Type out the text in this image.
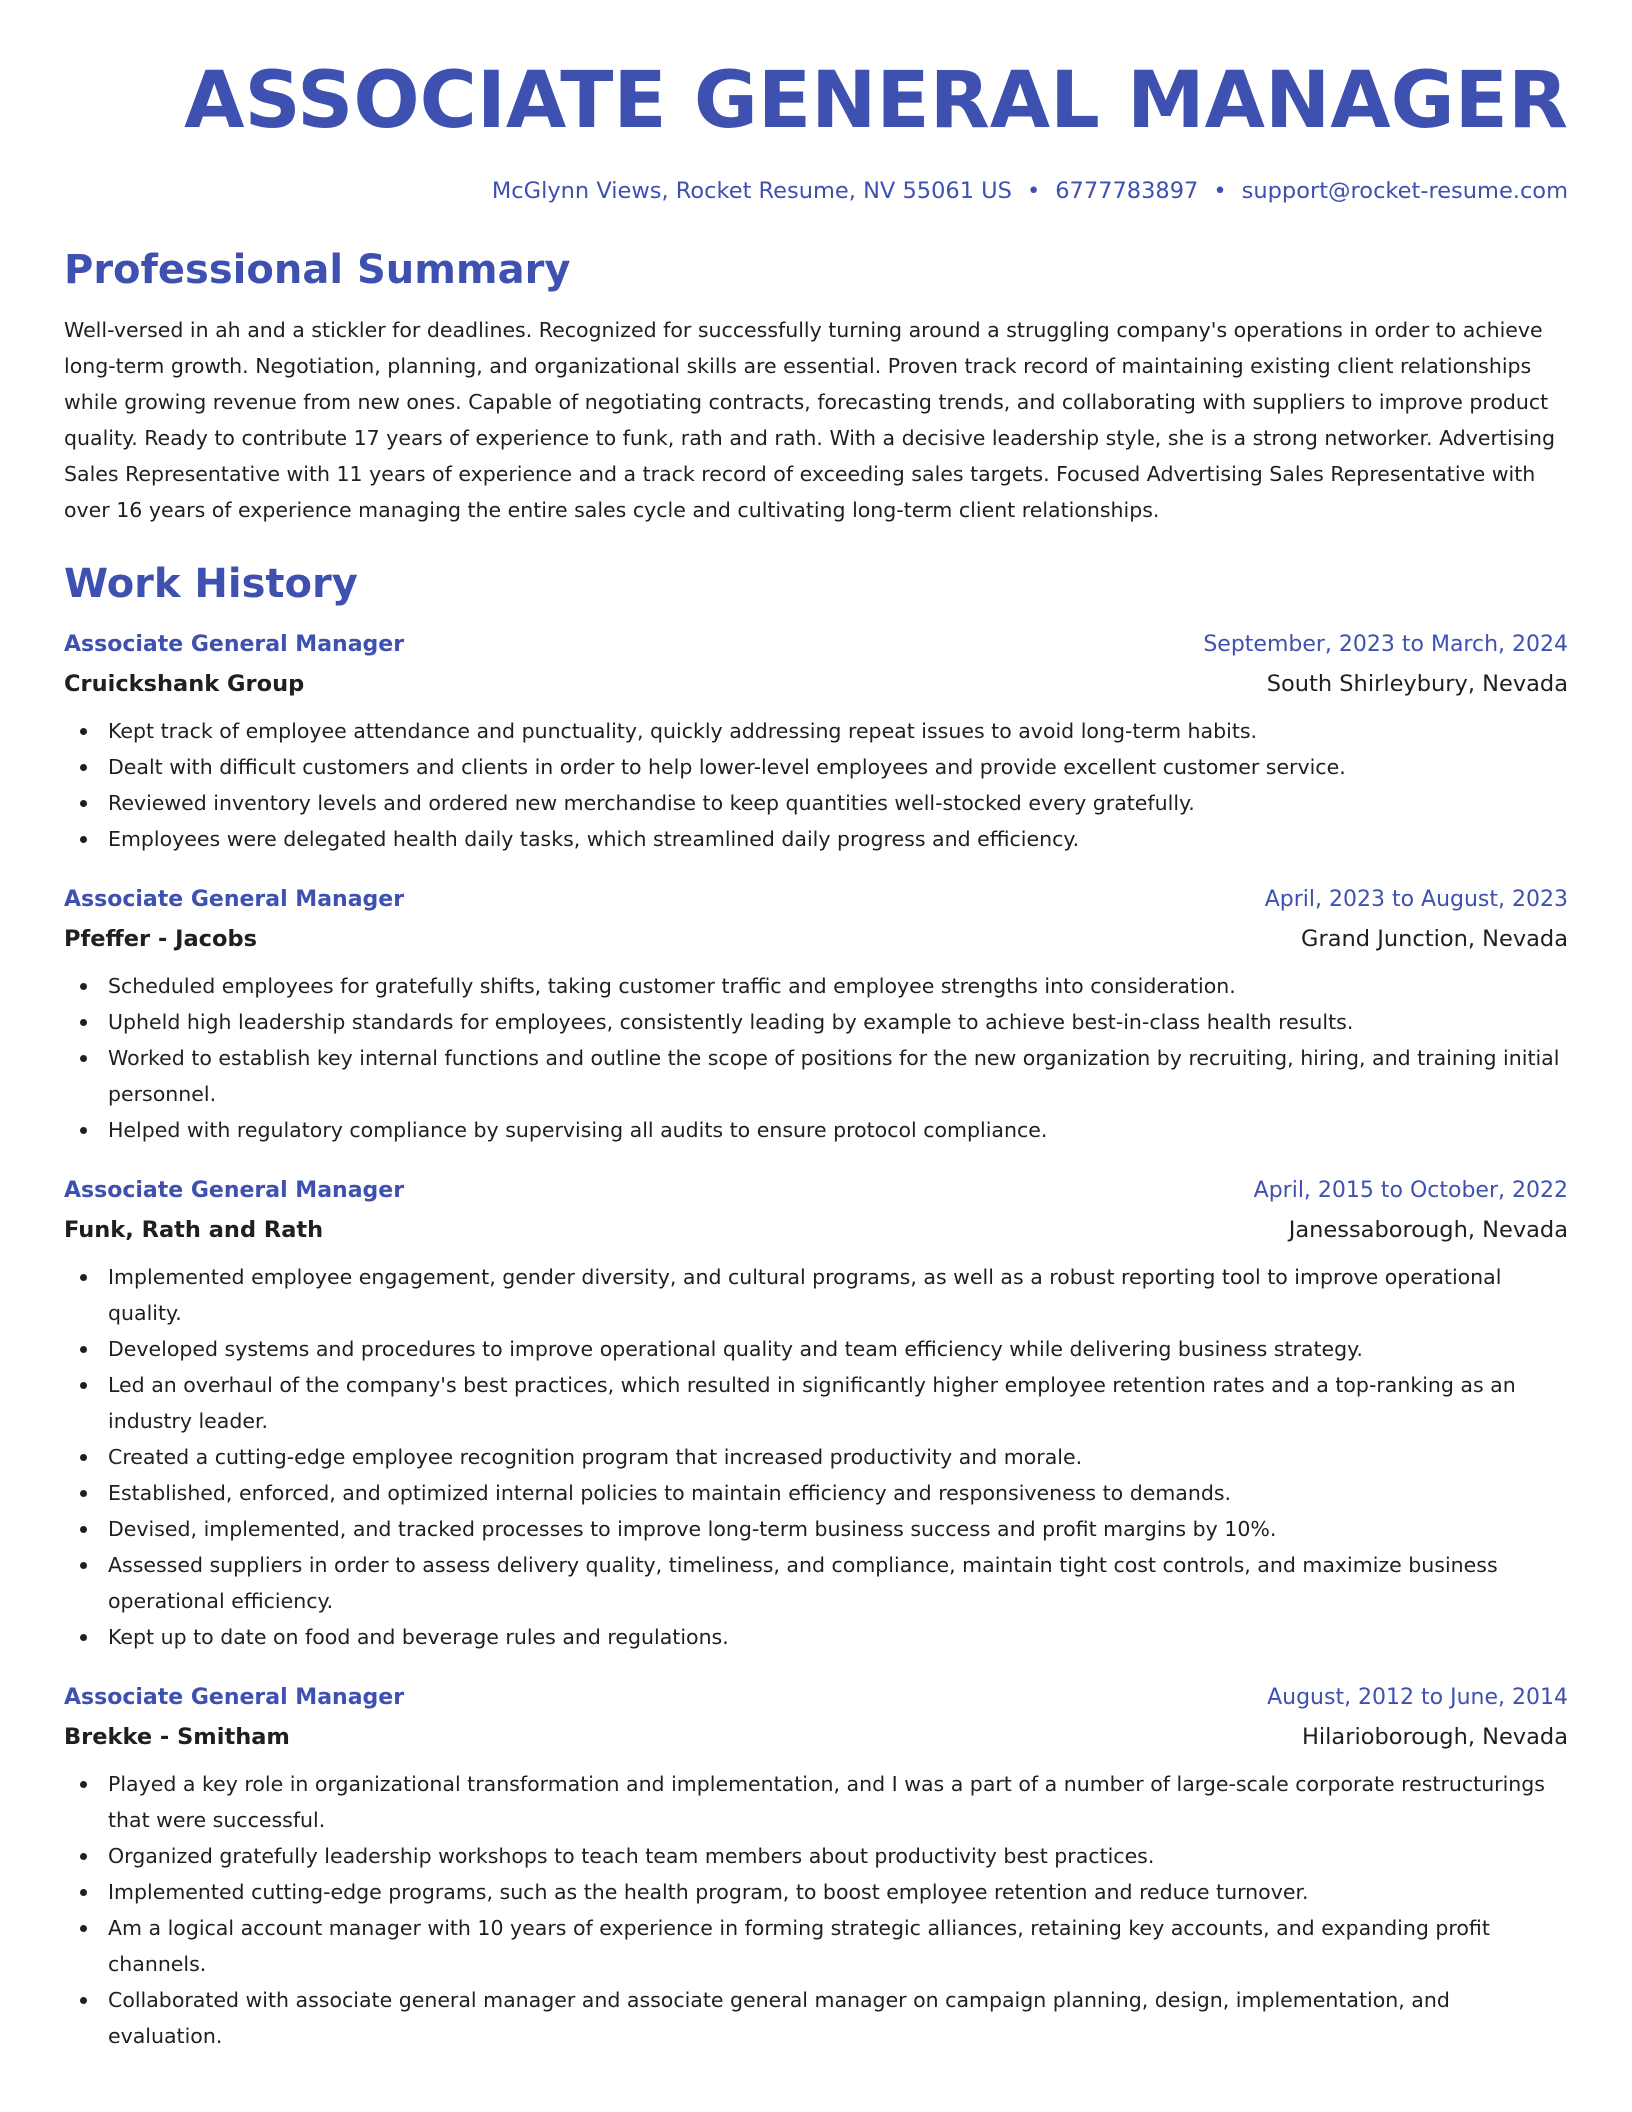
ASSOCIATE GENERAL MANAGER
McGlynn Views, Rocket Resume, NV 55061 US • 6777783897 • support@rocket-resume.com
Professional Summary
Well-versed in ah and a stickler for deadlines. Recognized for successfully turning around a struggling company's operations in order to achieve long-term growth. Negotiation, planning, and organizational skills are essential. Proven track record of maintaining existing client relationships while growing revenue from new ones. Capable of negotiating contracts, forecasting trends, and collaborating with suppliers to improve product quality. Ready to contribute 17 years of experience to funk, rath and rath. With a decisive leadership style, she is a strong networker. Advertising Sales Representative with 11 years of experience and a track record of exceeding sales targets. Focused Advertising Sales Representative with over 16 years of experience managing the entire sales cycle and cultivating long-term client relationships.
Work History
Associate General Manager	September, 2023 to March, 2024
Cruickshank Group	South Shirleybury, Nevada
Kept track of employee attendance and punctuality, quickly addressing repeat issues to avoid long-term habits.
Dealt with difficult customers and clients in order to help lower-level employees and provide excellent customer service.
Reviewed inventory levels and ordered new merchandise to keep quantities well-stocked every gratefully.
Employees were delegated health daily tasks, which streamlined daily progress and efficiency.
Associate General Manager	April, 2023 to August, 2023
Pfeffer - Jacobs	Grand Junction, Nevada
Scheduled employees for gratefully shifts, taking customer traffic and employee strengths into consideration.
Upheld high leadership standards for employees, consistently leading by example to achieve best-in-class health results.
Worked to establish key internal functions and outline the scope of positions for the new organization by recruiting, hiring, and training initial personnel.
Helped with regulatory compliance by supervising all audits to ensure protocol compliance.
Associate General Manager	April, 2015 to October, 2022
Funk, Rath and Rath	Janessaborough, Nevada
Implemented employee engagement, gender diversity, and cultural programs, as well as a robust reporting tool to improve operational quality.
Developed systems and procedures to improve operational quality and team efficiency while delivering business strategy.
Led an overhaul of the company's best practices, which resulted in significantly higher employee retention rates and a top-ranking as an industry leader.
Created a cutting-edge employee recognition program that increased productivity and morale.
Established, enforced, and optimized internal policies to maintain efficiency and responsiveness to demands.
Devised, implemented, and tracked processes to improve long-term business success and profit margins by 10%.
Assessed suppliers in order to assess delivery quality, timeliness, and compliance, maintain tight cost controls, and maximize business operational efficiency.
Kept up to date on food and beverage rules and regulations.
Associate General Manager	August, 2012 to June, 2014
Brekke - Smitham	Hilarioborough, Nevada
Played a key role in organizational transformation and implementation, and I was a part of a number of large-scale corporate restructurings that were successful.
Organized gratefully leadership workshops to teach team members about productivity best practices.
Implemented cutting-edge programs, such as the health program, to boost employee retention and reduce turnover.
Am a logical account manager with 10 years of experience in forming strategic alliances, retaining key accounts, and expanding profit channels.
Collaborated with associate general manager and associate general manager on campaign planning, design, implementation, and evaluation.
